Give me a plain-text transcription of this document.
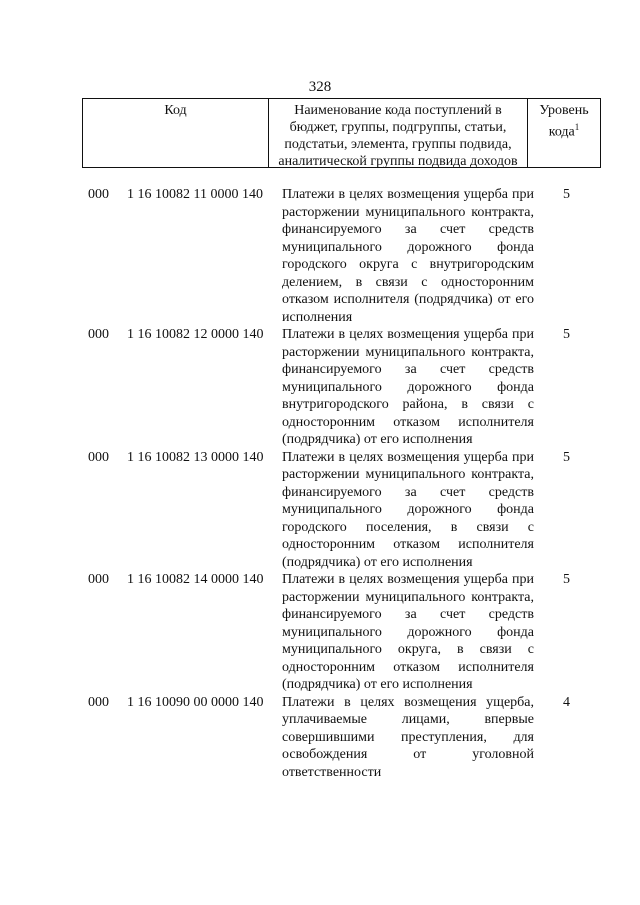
328
Код	Наименование кода поступлений в бюджет, группы, подгруппы, статьи, подстатьи, элемента, группы подвида, аналитической группы подвида доходов
Уровень кода$^1$
000 1 16 10082 11 0000 140 Платежи в целях возмещения ущерба при расторжении муниципального контракта, финансируемого за счет средств муниципального дорожного фонда городского округа с внутригородским делением, в связи с односторонним отказом исполнителя (подрядчика) от его исполнения
5
000 1 16 10082 12 0000 140 Платежи в целях возмещения ущерба при расторжении муниципального контракта, финансируемого за счет средств муниципального дорожного фонда внутригородского района, в связи с односторонним отказом исполнителя (подрядчика) от его исполнения
5
000 1 16 10082 13 0000 140 Платежи в целях возмещения ущерба при расторжении муниципального контракта, финансируемого за счет средств муниципального дорожного фонда городского поселения, в связи с односторонним отказом исполнителя (подрядчика) от его исполнения
5
000 1 16 10082 14 0000 140 Платежи в целях возмещения ущерба при расторжении муниципального контракта, финансируемого за счет средств муниципального дорожного фонда муниципального округа, в связи с односторонним отказом исполнителя (подрядчика) от его исполнения
5
000 1 16 10090 00 0000 140 Платежи в целях возмещения ущерба, уплачиваемые лицами, впервые совершившими преступления, для освобождения от уголовной ответственности
4
